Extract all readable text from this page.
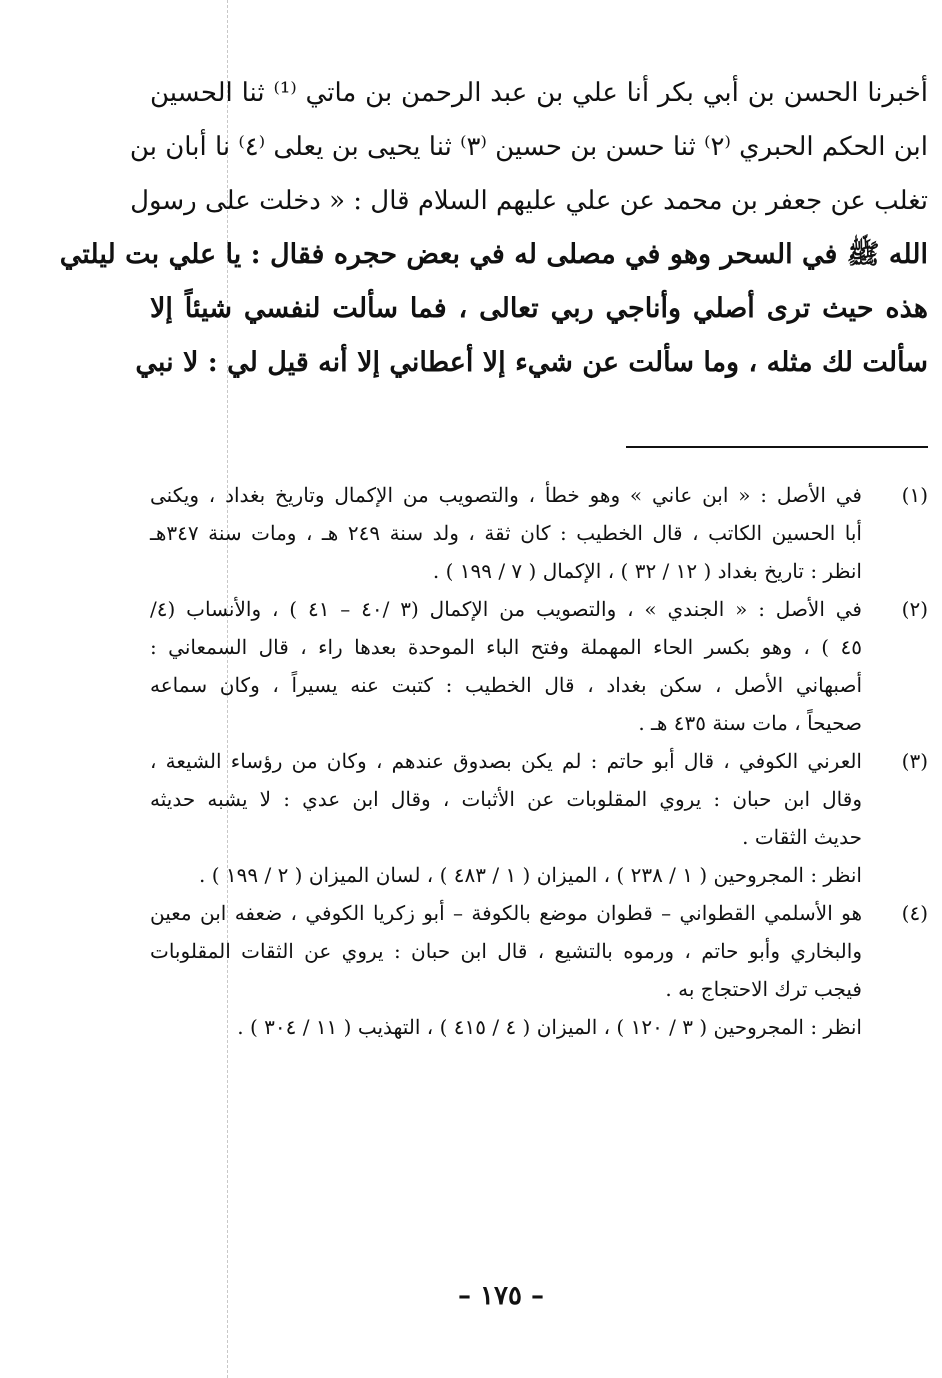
أخبرنا الحسن بن أبي بكر أنا علي بن عبد الرحمن بن ماتي ⁽¹⁾ ثنا الحسين
ابن الحكم الحبري ⁽٢⁾ ثنا حسن بن حسين ⁽٣⁾ ثنا يحيى بن يعلى ⁽٤⁾ نا أبان بن
تغلب عن جعفر بن محمد عن علي عليهم السلام قال : « دخلت على رسول
الله ﷺ في السحر وهو في مصلى له في بعض حجره فقال : يا علي بت ليلتي
هذه حيث ترى أصلي وأناجي ربي تعالى ، فما سألت لنفسي شيئاً إلا
سألت لك مثله ، وما سألت عن شيء إلا أعطاني إلا أنه قيل لي : لا نبي
(١)
في الأصل : « ابن عاني » وهو خطأ ، والتصويب من الإكمال وتاريخ بغداد ، ويكنى
أبا الحسين الكاتب ، قال الخطيب : كان ثقة ، ولد سنة ٢٤٩ هـ ، ومات سنة ٣٤٧هـ
انظر : تاريخ بغداد ( ١٢ / ٣٢ ) ، الإكمال ( ٧ / ١٩٩ ) .
(٢)
في الأصل : « الجندي » ، والتصويب من الإكمال (٣ /٤٠ – ٤١ ) ، والأنساب (٤/
٤٥ ) ، وهو بكسر الحاء المهملة وفتح الباء الموحدة بعدها راء ، قال السمعاني :
أصبهاني الأصل ، سكن بغداد ، قال الخطيب : كتبت عنه يسيراً ، وكان سماعه
صحيحاً ، مات سنة ٤٣٥ هـ .
(٣)
العرني الكوفي ، قال أبو حاتم : لم يكن بصدوق عندهم ، وكان من رؤساء الشيعة ،
وقال ابن حبان : يروي المقلوبات عن الأثبات ، وقال ابن عدي : لا يشبه حديثه
حديث الثقات .
انظر : المجروحين ( ١ / ٢٣٨ ) ، الميزان ( ١ / ٤٨٣ ) ، لسان الميزان ( ٢ / ١٩٩ ) .
(٤)
هو الأسلمي القطواني – قطوان موضع بالكوفة – أبو زكريا الكوفي ، ضعفه ابن معين
والبخاري وأبو حاتم ، ورموه بالتشيع ، قال ابن حبان : يروي عن الثقات المقلوبات
فيجب ترك الاحتجاج به .
انظر : المجروحين ( ٣ / ١٢٠ ) ، الميزان ( ٤ / ٤١٥ ) ، التهذيب ( ١١ / ٣٠٤ ) .
– ١٧٥ –
